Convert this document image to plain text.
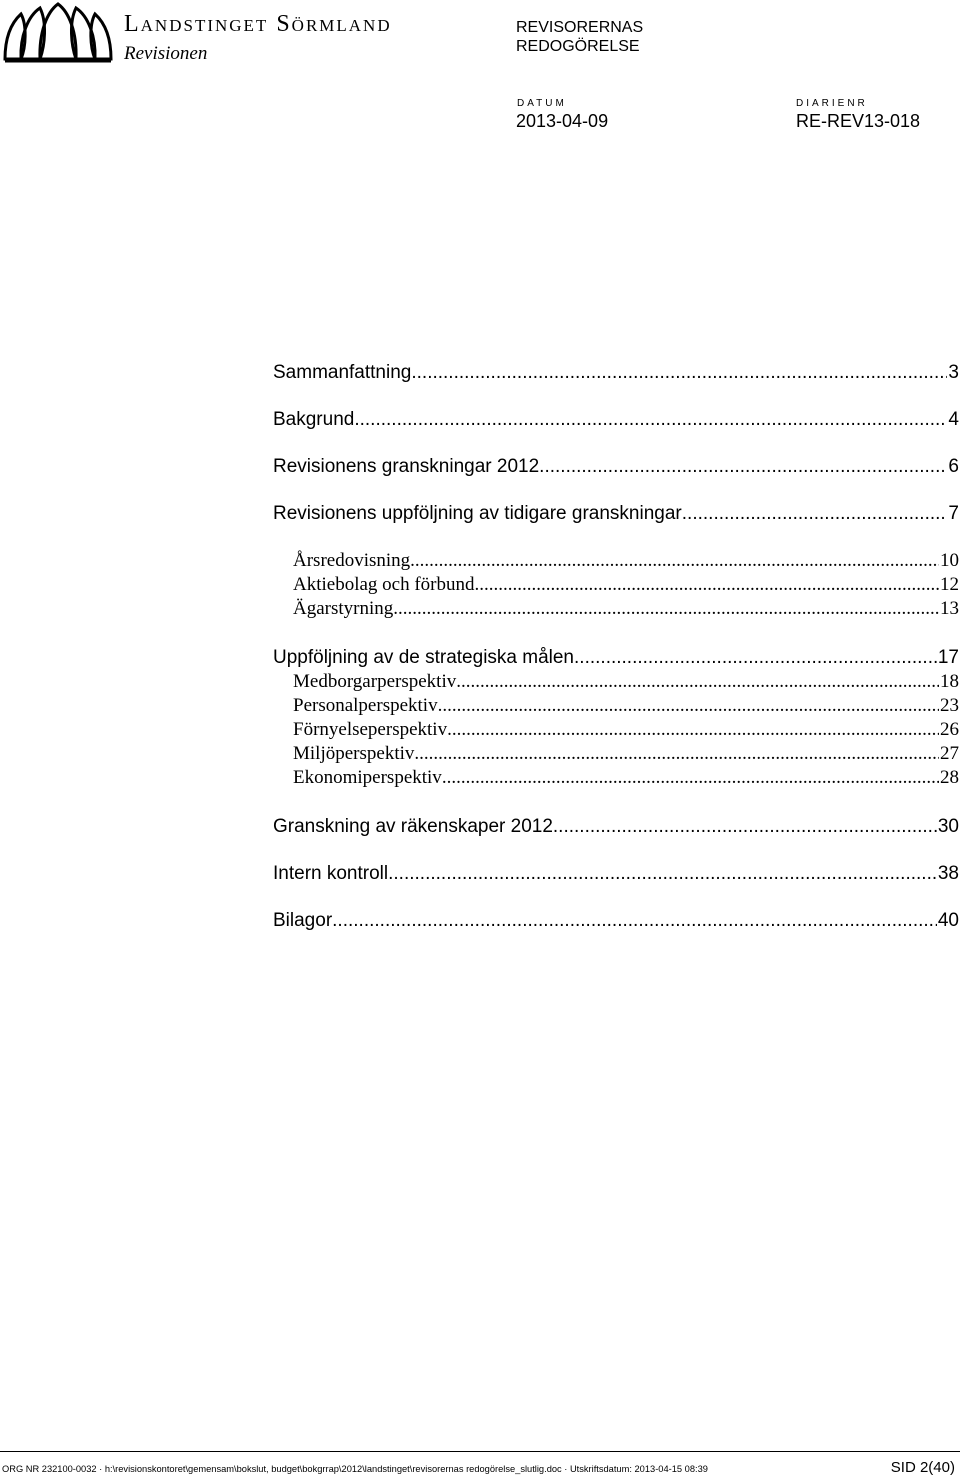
Landstinget Sörmland
Revisionen
REVISORERNAS
REDOGÖRELSE
DATUM
2013-04-09
DIARIENR
RE-REV13-018
Sammanfattning .....	3
Bakgrund .....	4
Revisionens granskningar 2012 .....	6
Revisionens uppföljning av tidigare granskningar .....	7
Årsredovisning .....	10
Aktiebolag och förbund .....	12
Ägarstyrning .....	13
Uppföljning av de strategiska målen .....	17
Medborgarperspektiv .....	18
Personalperspektiv .....	23
Förnyelseperspektiv .....	26
Miljöperspektiv .....	27
Ekonomiperspektiv .....	28
Granskning av räkenskaper 2012 .....	30
Intern kontroll .....	38
Bilagor .....	40
ORG NR 232100-0032 · h:\revisionskontoret\gemensam\bokslut, budget\bokgrrap\2012\landstinget\revisorernas redogörelse_slutlig.doc · Utskriftsdatum: 2013-04-15 08:39	SID 2(40)
